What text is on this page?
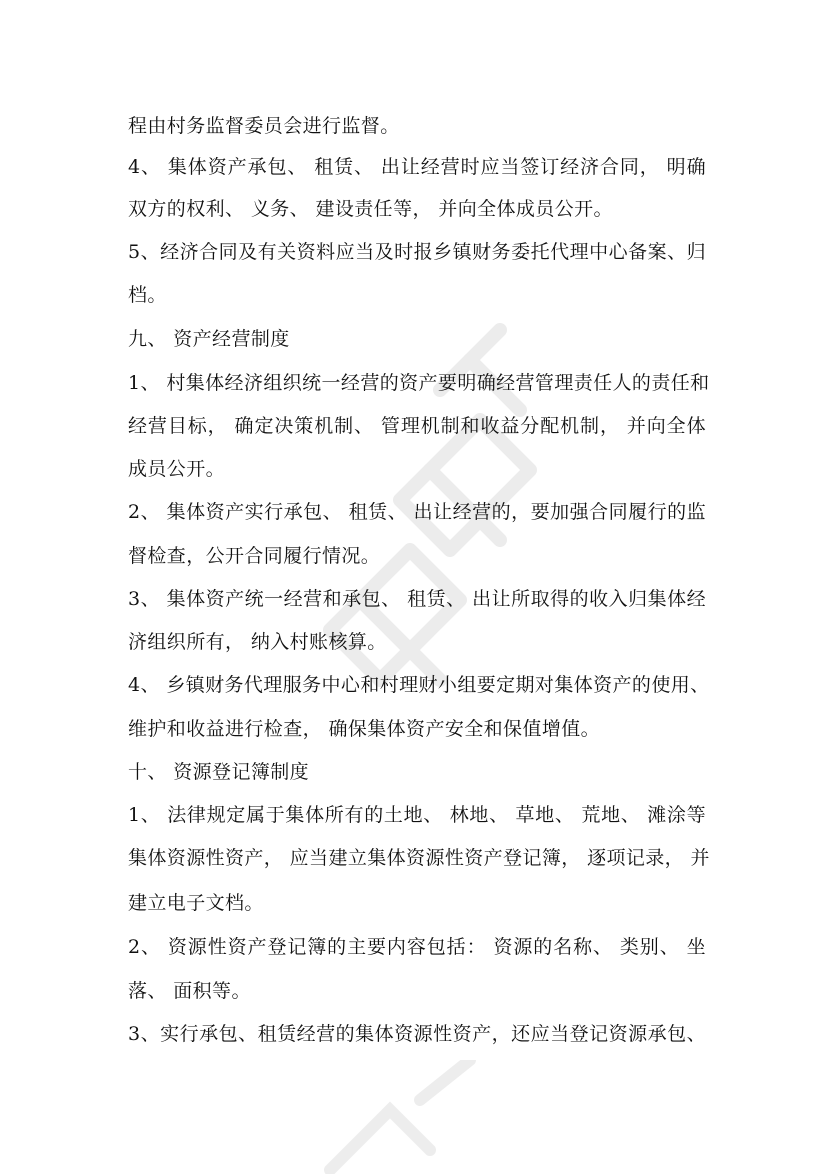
程由村务监督委员会进行监督。
4、 集体资产承包、 租赁、 出让经营时应当签订经济合同， 明确
双方的权利、 义务、 建设责任等， 并向全体成员公开。
5、经济合同及有关资料应当及时报乡镇财务委托代理中心备案、归
档。
九、 资产经营制度
1、 村集体经济组织统一经营的资产要明确经营管理责任人的责任和
经营目标， 确定决策机制、 管理机制和收益分配机制， 并向全体
成员公开。
2、 集体资产实行承包、 租赁、 出让经营的，要加强合同履行的监
督检查，公开合同履行情况。
3、 集体资产统一经营和承包、 租赁、 出让所取得的收入归集体经
济组织所有， 纳入村账核算。
4、 乡镇财务代理服务中心和村理财小组要定期对集体资产的使用、
维护和收益进行检查， 确保集体资产安全和保值增值。
十、 资源登记簿制度
1、 法律规定属于集体所有的土地、 林地、 草地、 荒地、 滩涂等
集体资源性资产， 应当建立集体资源性资产登记簿， 逐项记录， 并
建立电子文档。
2、 资源性资产登记簿的主要内容包括： 资源的名称、 类别、 坐
落、 面积等。
3、实行承包、租赁经营的集体资源性资产，还应当登记资源承包、
